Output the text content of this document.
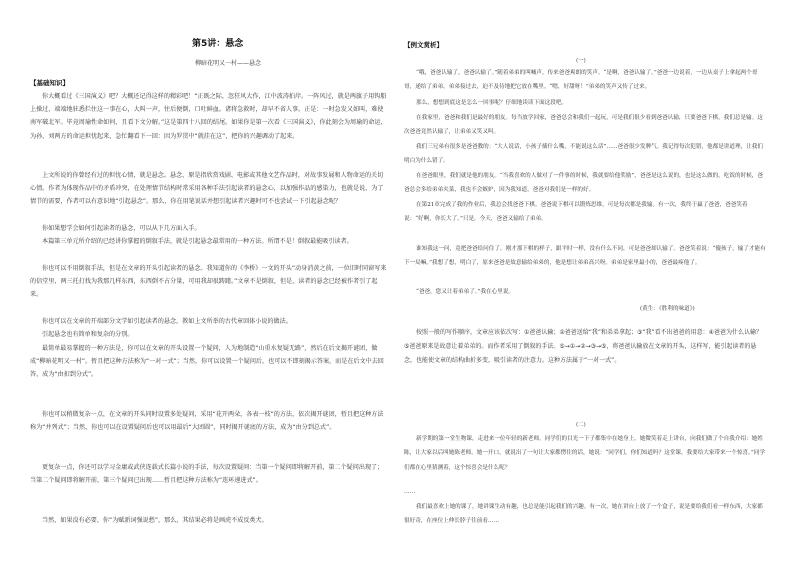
第5讲：悬念
柳暗花明又一村——悬念
【基础知识】

你大概看过《三国演义》吧？大概还记得这样的精彩吧！“正既之际，忽狂风大作，江中波涛拍岸。一阵风过，就是两旗子用钩船上操过，端端地驻悉拦住这一事在心，大叫一声，往后便倒，口吐鲜血。诸将急救时，却早不省人事。正是：一时急发又如叫，难使南军破北军。毕竟周瑜性命如何，且看下文分解。”这是第四十八回的结尾。如果你是第一次看《三国演义》，你此刻会为周瑜的命运、为孙、刘两方的命运担忧起来，急忙翻看下一回：因为罗贯中“就挂在这”，把你的兴趣调动了起来。

上文所说的你曾经有过的担忧心情，就是悬念。悬念，原是指欣赏戏剧、电影或其他文艺作品时，对故事发展和人物命运的关切心情。作者为体现作品中的矛盾冲突，在处理情节结构时常采用各种手法引起读者的悬念心，以加强作品的感染力，也就是说，为了情节的需要，作者可以有意识地“引起悬念”。那么，你在用笔说话并想引起读者兴趣时可不也尝试一下引起悬念呢？

你如果想学会如何引起读者的悬念，可以从下几方面入手。

本篇第三单元所介绍的已经讲你掌握的倒叙手法，就是引起悬念最常用的一种方法。所谓不是！倒叙最能吸引读者。

你也可以不用倒叙手法，但是在文章的开头引起读者的悬念。我知道你的《李桥》一文的开头“动身消黄之前，一位旧时同窗写来的信堂里，两三托打找为我那几样东西，东西倒不占分量，可用我却很踌躇。”文章不是倒叙，但是，读者的悬念已经被作者引了起来。

你也可以在文章的开端部分文学如引起读者的悬念，教如上文所举的古代章回体小说的做法。

引起悬念也有简单和复杂的分别。

最简单最易掌握的一种方法是，你可以在文章的开头设置一个疑问，人为地制造“山重水复疑无路”，然后在后文揭开谜团，做成“柳暗花明又一村”。暂且把这种方法称为“一对一式”；当然，你可以设置一个疑问后，也可以不即刻揭示答案，而是在后文中去回答，成为“由扣到分式”。

你也可以稍微复杂一点，在文章的开头同时设置多处疑问，采用“花开两朵，各表一枝”的方法，依次揭开谜团，暂且把这种方法称为“并列式”；当然，你也可以在设置疑问后也可以用最后“大团圆”，同时揭开谜底的方法，成为“由分到总式”。

更复杂一点，你还可以学习金庸或武侠连载式长篇小说的手法，每次设置疑问：当第一个疑问即将解开前，第二个疑问出现了；当第二个疑问即将解开前，第三个疑问已出现……暂且把这种方法称为“连环递进式”。

当然，如果没有必要，你“为赋新词强说愁”，那么，其结果必将是画虎不成反类犬。

【例文赏析】
(一)

“哦，爸爸认输了，爸爸认输了。”随着弟弟的叫喊声，传来爸爸爽朗的笑声。“是啊，爸爸认输了，”爸爸一边说着，一边从桌子上拿起两个哥哥，递给了弟弟。弟弟接过去，迫不及待地把它放在嘴里。“嗯，好甜呀！”弟弟的笑声又传了过来。

那么，想想到底这是怎么一回事呢？仔细地读读下面这段吧。

在我家里，爸爸和我们是最好的朋友。每当放学回家，爸爸总会和我们一起玩，可是我们很少看到爸爸认输，只要爸爸下棋，我们总是输。这次爸爸竟然认输了，让弟弟又笑又叫。

我们三兄弟有很多是爸爸教的：“大人说话，小孩子插什么嘴，不能说这么话”……爸爸很少发脾气。我记得每次犯错，他都是讲道理，让我们明白为什么错了。

在爸爸眼里，我们就是他的朋友。“当我喜欢的人做对了一件事的时候，我就要给他奖励”，爸爸是这么说的，也是这么做的。吃饭的时候，爸爸总会多给弟弟夹菜，我也不会嫉妒，因为我知道，爸爸对我们是一样的好。

在第21章完成了我的作业后，我总会找爸爸下棋。爸爸说下棋可以锻炼思维，可是每次都是我输。有一次，我终于赢了爸爸，爸爸笑着说：“好啊，你长大了。”只是，今天，爸爸又输给了弟弟。

谁知我这一问，竟把爸爸给问住了。刚才那下棋的样子，跟平时一样，没有什么不同，可是爸爸却认输了。爸爸笑着说：“傻孩子，输了才能有下一局嘛。”我想了想，明白了，原来爸爸是故意输给弟弟的，他是想让弟弟高兴呀。弟弟是家里最小的，爸爸最疼他了。

“爸爸，您又让着弟弟了。”我在心里说。

(黄生：《胜利的味道》)

按照一般的写作顺序，文章应该依次写：①爸爸认输；②爸爸送给“我”和弟弟拿起；③“我”看不出爸爸的用意：④爸爸为什么认输？⑤爸爸原来是故意让着弟弟的。而作者采用了倒叙的手法。⑤→①→②→③→⑤，将爸爸认输放在文章的开头，这样写，能引起读者的悬念，也能使文章的结构曲折多变，吸引读者的注意力。这种方法属于“一对一式”。

(二)

新学期的第一堂生物课，走进来一位年轻的新老师，同学们的目光一下子都集中在她身上。她微笑着走上讲台，向我们做了个自我介绍：她姓陈，让大家以后叫她陈老师。她一开口，就说出了一句让大家都愣住的话，她说：“同学们，你们知道吗？这堂课，我要给大家带来一个惊喜。”同学们都在心里猜测着，这个惊喜会是什么呢？

……

我们最喜欢上她的课了，她讲课生动有趣，也总是能引起我们的兴趣。有一次，她在讲台上放了一个盒子，说是要给我们看一样东西，大家都很好奇，在座位上伸长脖子往前看……
